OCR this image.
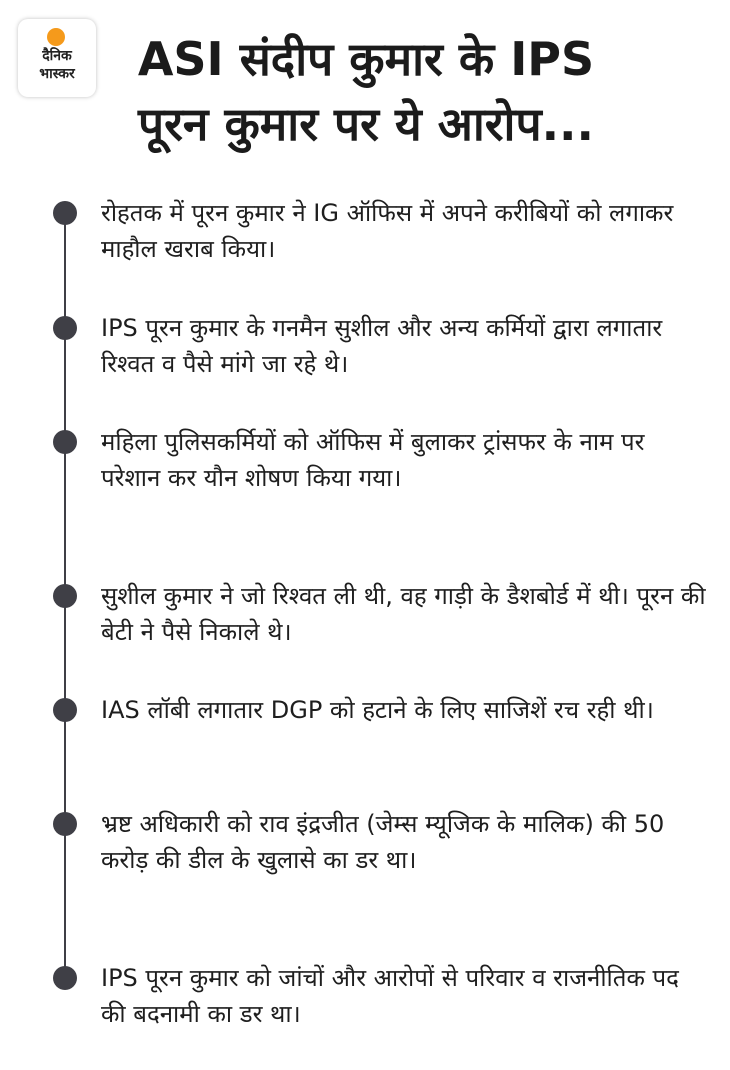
दैनिक
भास्कर	ASI संदीप कुमार के IPS
पूरन कुमार पर ये आरोप...
रोहतक में पूरन कुमार ने IG ऑफिस में अपने करीबियों को लगाकर माहौल खराब किया।
IPS पूरन कुमार के गनमैन सुशील और अन्य कर्मियों द्वारा लगातार रिश्वत व पैसे मांगे जा रहे थे।
महिला पुलिसकर्मियों को ऑफिस में बुलाकर ट्रांसफर के नाम पर परेशान कर यौन शोषण किया गया।
सुशील कुमार ने जो रिश्वत ली थी, वह गाड़ी के डैशबोर्ड में थी। पूरन की बेटी ने पैसे निकाले थे।
IAS लॉबी लगातार DGP को हटाने के लिए साजिशें रच रही थी।
भ्रष्ट अधिकारी को राव इंद्रजीत (जेम्स म्यूजिक के मालिक) की 50 करोड़ की डील के खुलासे का डर था।
IPS पूरन कुमार को जांचों और आरोपों से परिवार व राजनीतिक पद की बदनामी का डर था।
